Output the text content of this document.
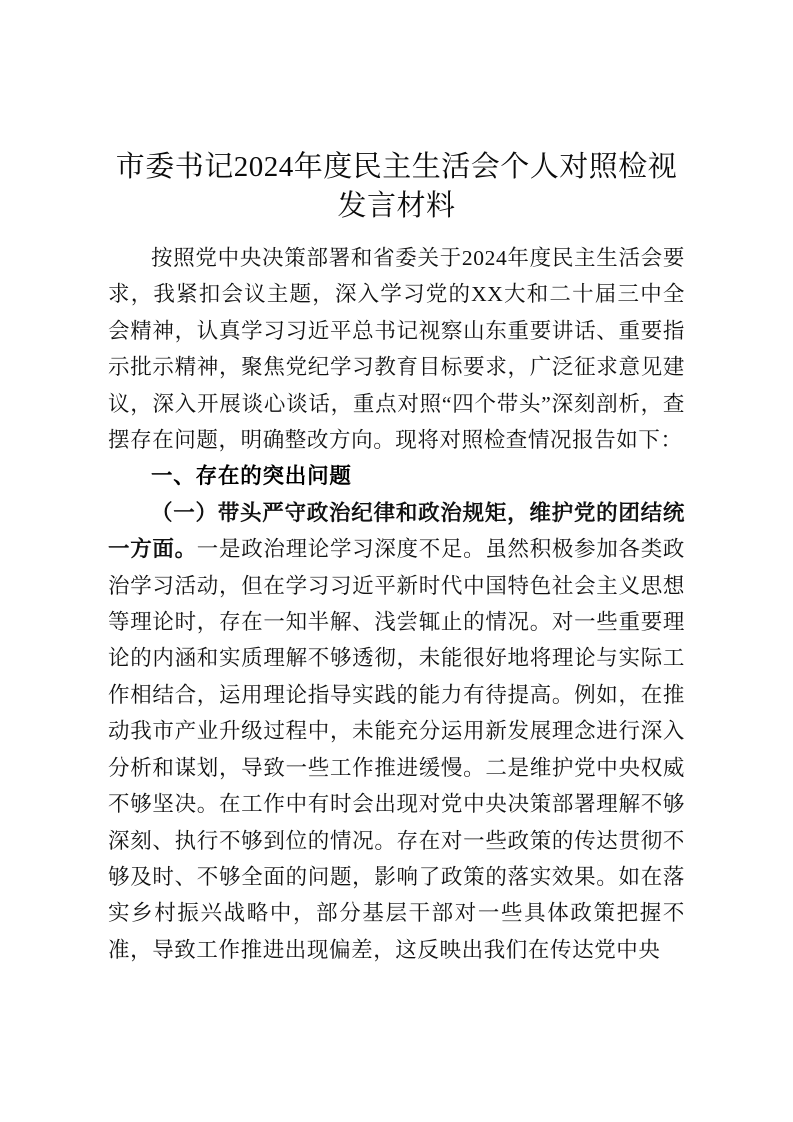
市委书记2024年度民主生活会个人对照检视 发言材料

按照党中央决策部署和省委关于2024年度民主生活会要求，我紧扣会议主题，深入学习党的XX大和二十届三中全会精神，认真学习习近平总书记视察山东重要讲话、重要指示批示精神，聚焦党纪学习教育目标要求，广泛征求意见建议，深入开展谈心谈话，重点对照“四个带头”深刻剖析，查摆存在问题，明确整改方向。现将对照检查情况报告如下：

一、存在的突出问题

（一）带头严守政治纪律和政治规矩，维护党的团结统一方面。一是政治理论学习深度不足。虽然积极参加各类政治学习活动，但在学习习近平新时代中国特色社会主义思想等理论时，存在一知半解、浅尝辄止的情况。对一些重要理论的内涵和实质理解不够透彻，未能很好地将理论与实际工作相结合，运用理论指导实践的能力有待提高。例如，在推动我市产业升级过程中，未能充分运用新发展理念进行深入分析和谋划，导致一些工作推进缓慢。二是维护党中央权威不够坚决。在工作中有时会出现对党中央决策部署理解不够深刻、执行不够到位的情况。存在对一些政策的传达贯彻不够及时、不够全面的问题，影响了政策的落实效果。如在落实乡村振兴战略中，部分基层干部对一些具体政策把握不准，导致工作推进出现偏差，这反映出我们在传达党中央
